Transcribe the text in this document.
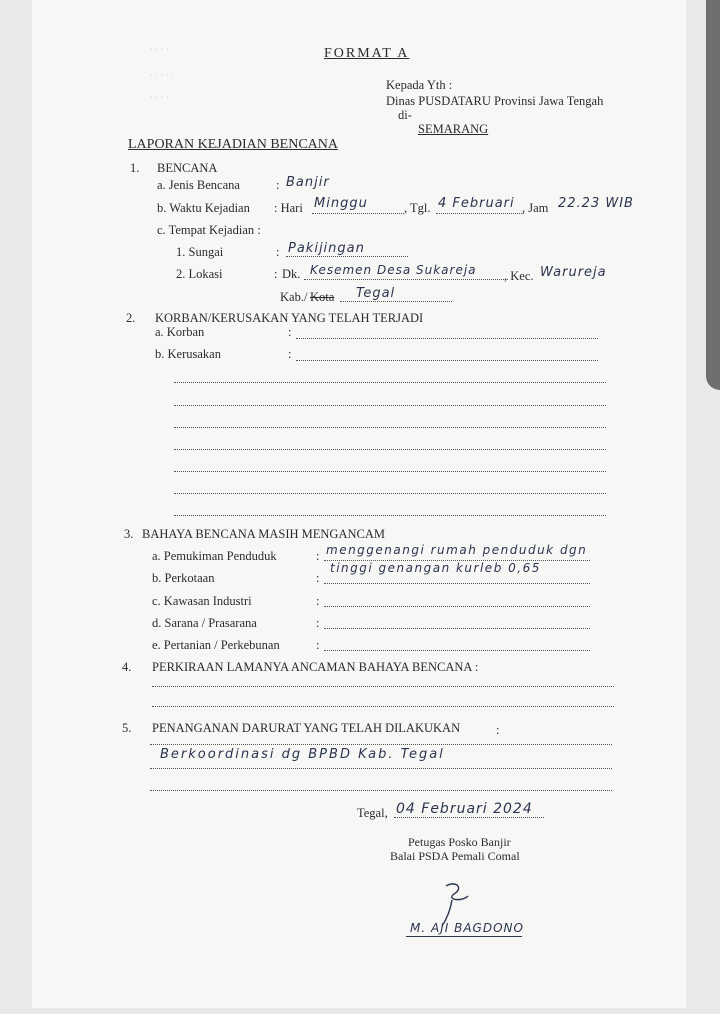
· · · ·
· · · · ·
· · · ·
FORMAT A
Kepada Yth :
Dinas PUSDATARU Provinsi Jawa Tengah
di-
SEMARANG
LAPORAN KEJADIAN BENCANA
1. BENCANA
a. Jenis Bencana	: Banjir
b. Waktu Kejadian : Hari Minggu	, Tgl. 4 Februari , Jam 22.23 WIB
c. Tempat Kejadian :
1. Sungai	: Pakijingan
2. Lokasi	: Dk. Kesemen Desa Sukareja , Kec. Warureja
Kab./ Kota Tegal
2. KORBAN/KERUSAKAN YANG TELAH TERJADI
a. Korban	:
b. Kerusakan	:
3. BAHAYA BENCANA MASIH MENGANCAM
a. Pemukiman Penduduk	: menggenangi rumah penduduk dgn
tinggi genangan kurleb 0,65
b. Perkotaan	:
c. Kawasan Industri	:
d. Sarana / Prasarana	:
e. Pertanian / Perkebunan	:
4. PERKIRAAN LAMANYA ANCAMAN BAHAYA BENCANA :
5. PENANGANAN DARURAT YANG TELAH DILAKUKAN	:
Berkoordinasi dg BPBD Kab. Tegal
Tegal, 04 Februari 2024
Petugas Posko Banjir
Balai PSDA Pemali Comal
M. AJI BAGDONO
